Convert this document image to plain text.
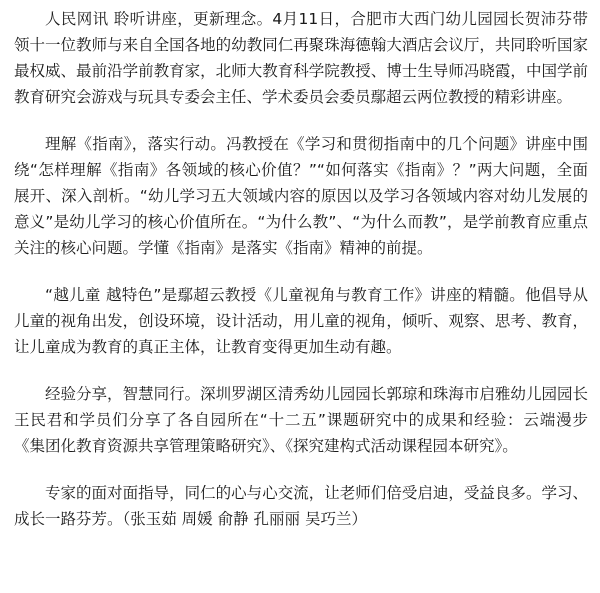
人民网讯 聆听讲座，更新理念。4月11日，合肥市大西门幼儿园园长贺沛芬带领十一位教师与来自全国各地的幼教同仁再聚珠海德翰大酒店会议厅，共同聆听国家最权威、最前沿学前教育家，北师大教育科学院教授、博士生导师冯晓霞，中国学前教育研究会游戏与玩具专委会主任、学术委员会委员鄢超云两位教授的精彩讲座。

理解《指南》，落实行动。冯教授在《学习和贯彻指南中的几个问题》讲座中围绕“怎样理解《指南》各领域的核心价值？”“如何落实《指南》？”两大问题，全面展开、深入剖析。“幼儿学习五大领域内容的原因以及学习各领域内容对幼儿发展的意义”是幼儿学习的核心价值所在。“为什么教”、“为什么而教”，是学前教育应重点关注的核心问题。学懂《指南》是落实《指南》精神的前提。

“越儿童 越特色”是鄢超云教授《儿童视角与教育工作》讲座的精髓。他倡导从儿童的视角出发，创设环境，设计活动，用儿童的视角，倾听、观察、思考、教育，让儿童成为教育的真正主体，让教育变得更加生动有趣。

经验分享，智慧同行。深圳罗湖区清秀幼儿园园长郭琼和珠海市启雅幼儿园园长王民君和学员们分享了各自园所在“十二五”课题研究中的成果和经验：云端漫步《集团化教育资源共享管理策略研究》、《探究建构式活动课程园本研究》。

专家的面对面指导，同仁的心与心交流，让老师们倍受启迪，受益良多。学习、成长一路芬芳。（张玉茹 周媛 俞静 孔丽丽 吴巧兰）
